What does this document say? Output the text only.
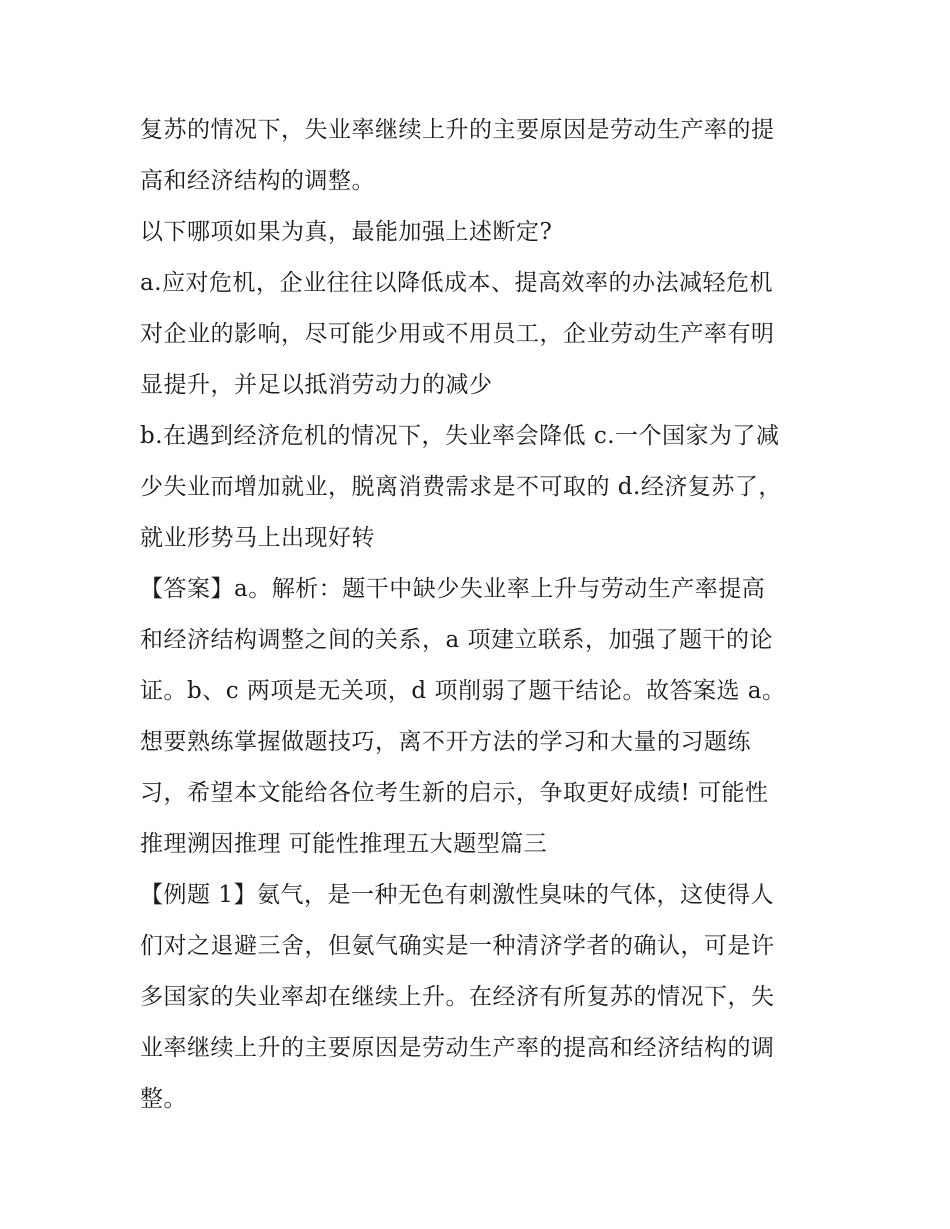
复苏的情况下，失业率继续上升的主要原因是劳动生产率的提
高和经济结构的调整。
以下哪项如果为真，最能加强上述断定?
a.应对危机，企业往往以降低成本、提高效率的办法减轻危机
对企业的影响，尽可能少用或不用员工，企业劳动生产率有明
显提升，并足以抵消劳动力的减少
b.在遇到经济危机的情况下，失业率会降低 c.一个国家为了减
少失业而增加就业，脱离消费需求是不可取的 d.经济复苏了，
就业形势马上出现好转
【答案】a。解析：题干中缺少失业率上升与劳动生产率提高
和经济结构调整之间的关系，a 项建立联系，加强了题干的论
证。b、c 两项是无关项，d 项削弱了题干结论。故答案选 a。
想要熟练掌握做题技巧，离不开方法的学习和大量的习题练
习，希望本文能给各位考生新的启示，争取更好成绩! 可能性
推理溯因推理 可能性推理五大题型篇三
【例题 1】氨气，是一种无色有刺激性臭味的气体，这使得人
们对之退避三舍，但氨气确实是一种清济学者的确认，可是许
多国家的失业率却在继续上升。在经济有所复苏的情况下，失
业率继续上升的主要原因是劳动生产率的提高和经济结构的调
整。
